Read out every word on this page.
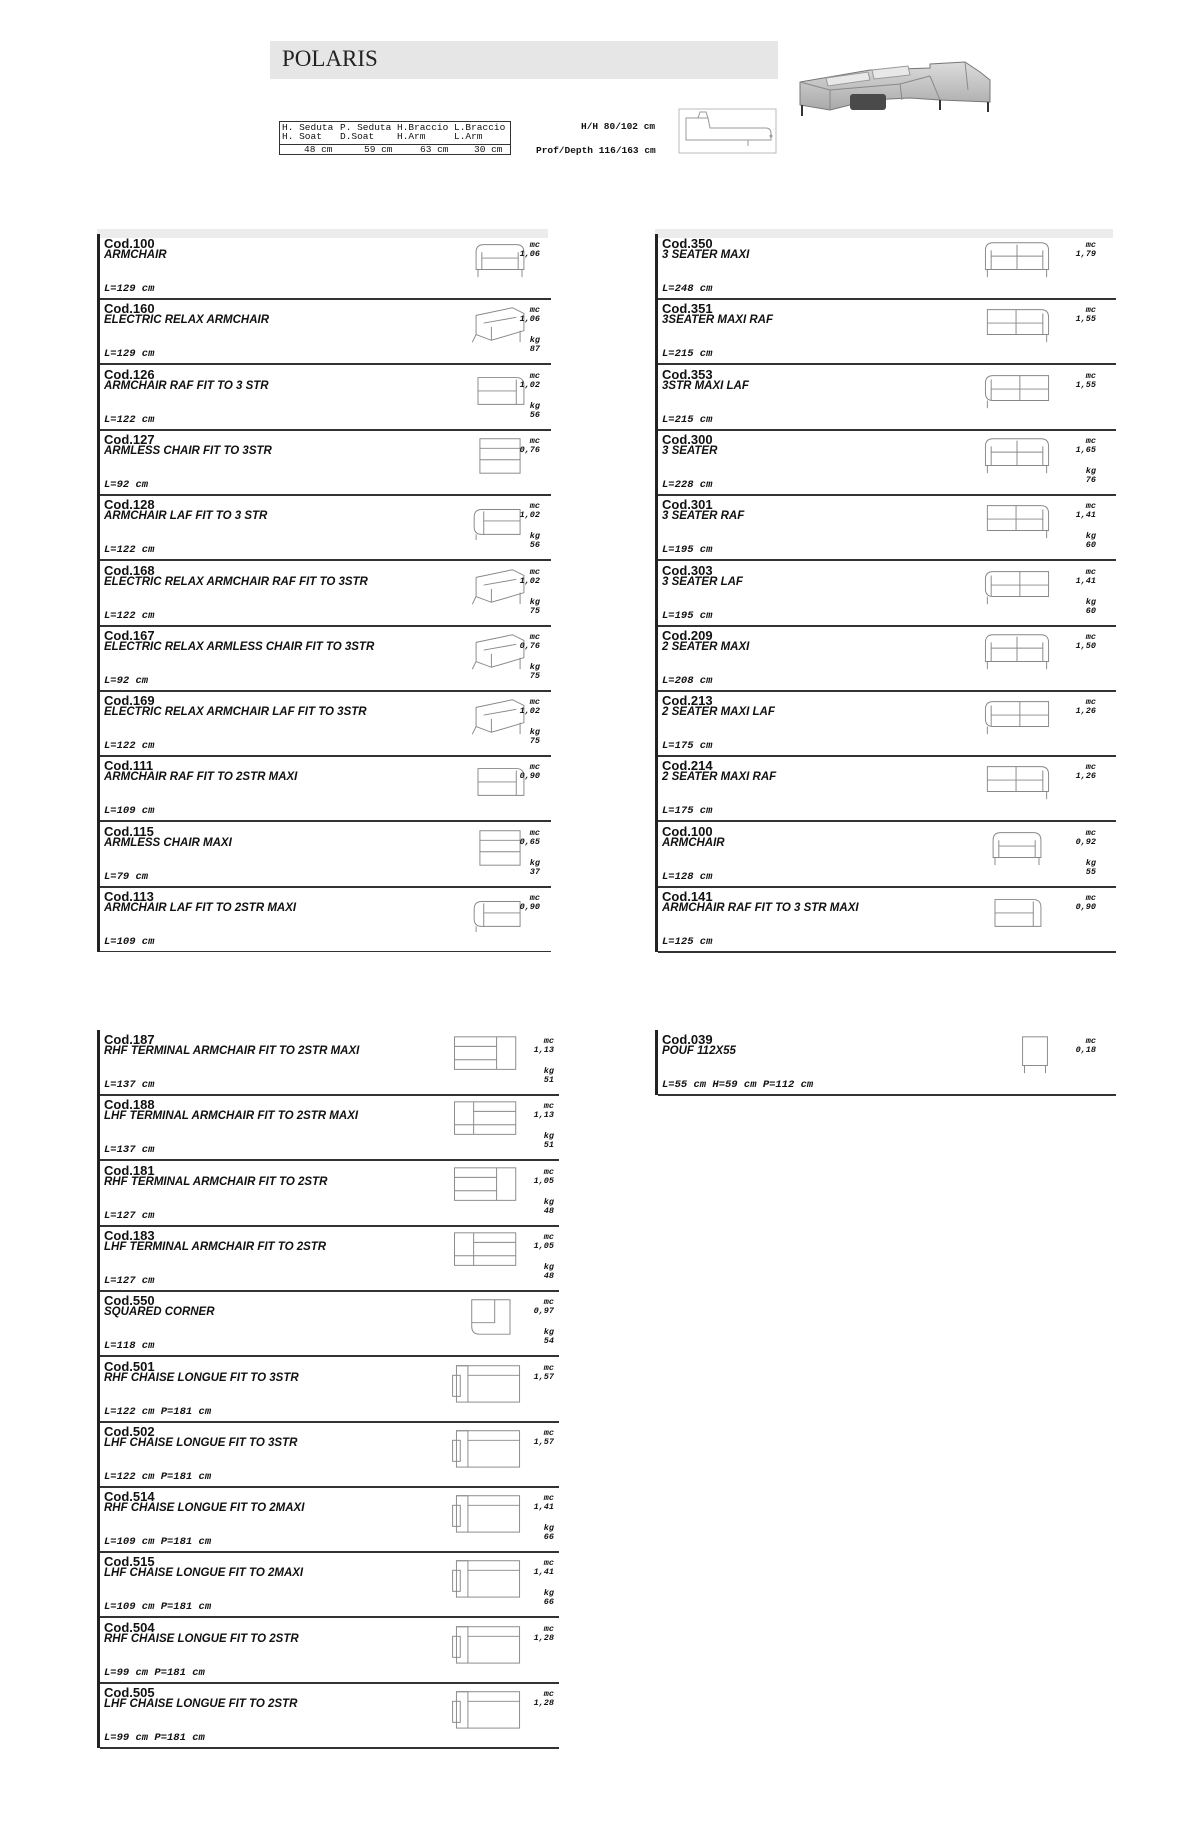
POLARIS
H. Seduta P. Seduta H.Braccio L.Braccio
H. Soat D.Soat H.Arm	L.Arm
48 cm	59 cm	63 cm	30 cm
H/H 80/102 cm
Prof/Depth 116/163 cm
Cod.100
ARMCHAIR
L=129 cm
mc
1,06

Cod.160
ELECTRIC RELAX ARMCHAIR
L=129 cm
mc
1,06
kg
87
Cod.126
ARMCHAIR RAF FIT TO 3 STR
L=122 cm
mc
1,02
kg
56
Cod.127
ARMLESS CHAIR FIT TO 3STR
L=92 cm
mc
0,76

Cod.128
ARMCHAIR LAF FIT TO 3 STR
L=122 cm
mc
1,02
kg
56
Cod.168
ELECTRIC RELAX ARMCHAIR RAF FIT TO 3STR
L=122 cm
mc
1,02
kg
75
Cod.167
ELECTRIC RELAX ARMLESS CHAIR FIT TO 3STR
L=92 cm
mc
0,76
kg
75
Cod.169
ELECTRIC RELAX ARMCHAIR LAF FIT TO 3STR
L=122 cm
mc
1,02
kg
75
Cod.111
ARMCHAIR RAF FIT TO 2STR MAXI
L=109 cm
mc
0,90

Cod.115
ARMLESS CHAIR MAXI
L=79 cm
mc
0,65
kg
37
Cod.113
ARMCHAIR LAF FIT TO 2STR MAXI
L=109 cm
mc
0,90

Cod.350
3 SEATER MAXI
L=248 cm
mc
1,79

Cod.351
3SEATER MAXI RAF
L=215 cm
mc
1,55

Cod.353
3STR MAXI LAF
L=215 cm
mc
1,55

Cod.300
3 SEATER
L=228 cm
mc
1,65
kg
76
Cod.301
3 SEATER RAF
L=195 cm
mc
1,41
kg
60
Cod.303
3 SEATER LAF
L=195 cm
mc
1,41
kg
60
Cod.209
2 SEATER MAXI
L=208 cm
mc
1,50

Cod.213
2 SEATER MAXI LAF
L=175 cm
mc
1,26

Cod.214
2 SEATER MAXI RAF
L=175 cm
mc
1,26

Cod.100
ARMCHAIR
L=128 cm
mc
0,92
kg
55
Cod.141
ARMCHAIR RAF FIT TO 3 STR MAXI
L=125 cm
mc
0,90

Cod.187
RHF TERMINAL ARMCHAIR FIT TO 2STR MAXI
L=137 cm
mc
1,13
kg
51
Cod.188
LHF TERMINAL ARMCHAIR FIT TO 2STR MAXI
L=137 cm
mc
1,13
kg
51
Cod.181
RHF TERMINAL ARMCHAIR FIT TO 2STR
L=127 cm
mc
1,05
kg
48
Cod.183
LHF TERMINAL ARMCHAIR FIT TO 2STR
L=127 cm
mc
1,05
kg
48
Cod.550
SQUARED CORNER
L=118 cm
mc
0,97
kg
54
Cod.501
RHF CHAISE LONGUE FIT TO 3STR
L=122 cm P=181 cm
mc
1,57

Cod.502
LHF CHAISE LONGUE FIT TO 3STR
L=122 cm P=181 cm
mc
1,57

Cod.514
RHF CHAISE LONGUE FIT TO 2MAXI
L=109 cm P=181 cm
mc
1,41
kg
66
Cod.515
LHF CHAISE LONGUE FIT TO 2MAXI
L=109 cm P=181 cm
mc
1,41
kg
66
Cod.504
RHF CHAISE LONGUE FIT TO 2STR
L=99 cm P=181 cm
mc
1,28

Cod.505
LHF CHAISE LONGUE FIT TO 2STR
L=99 cm P=181 cm
mc
1,28

Cod.039
POUF 112X55
L=55 cm H=59 cm P=112 cm
mc
0,18
